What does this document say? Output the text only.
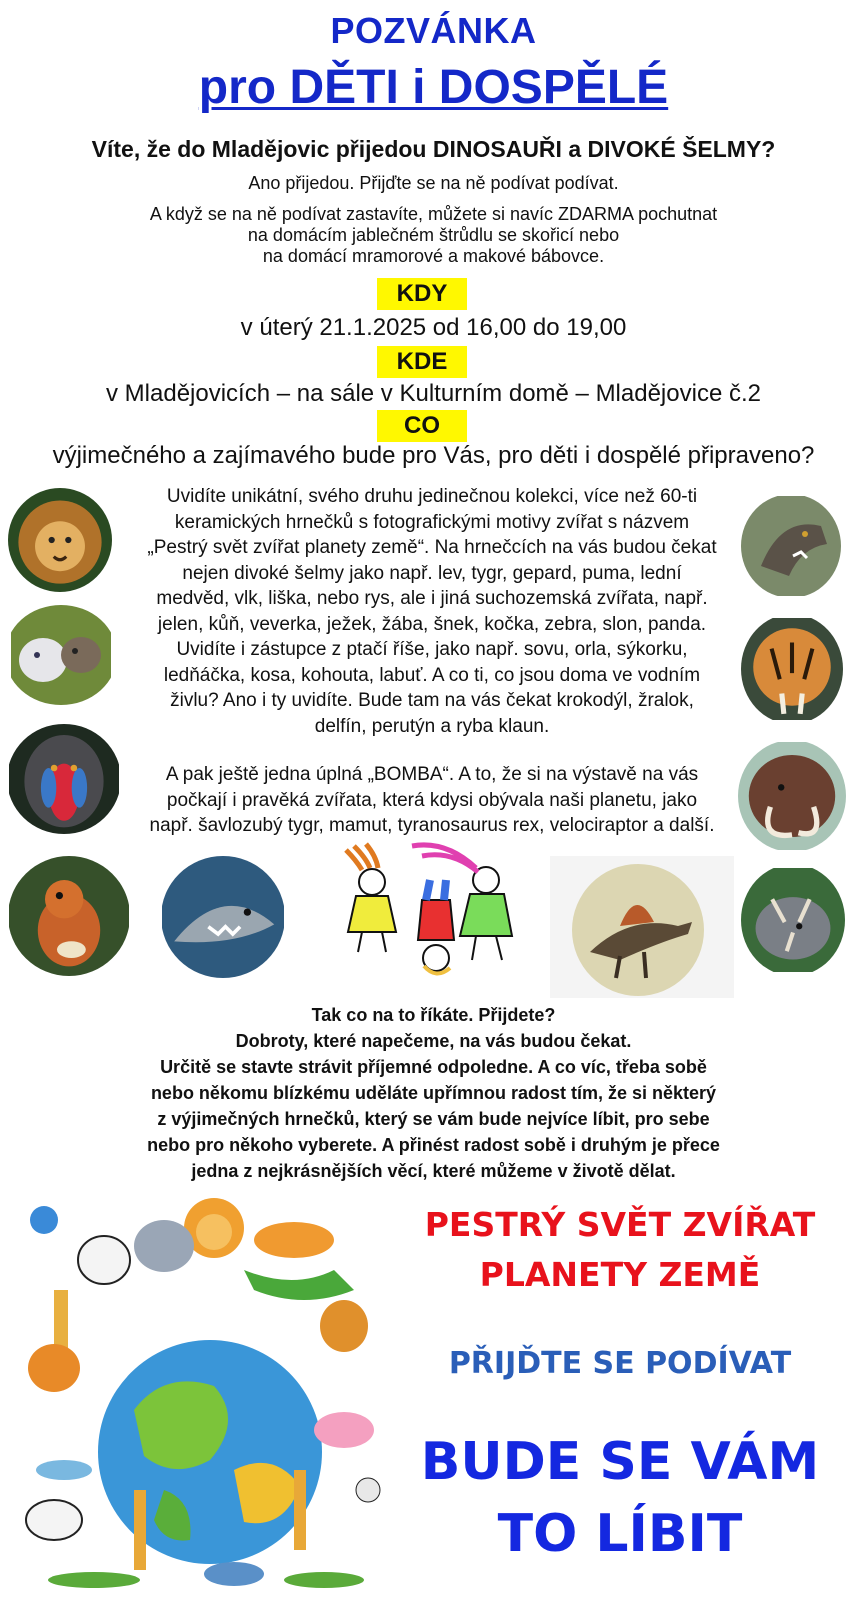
POZVÁNKA
pro DĚTI i DOSPĚLÉ
Víte, že do Mladějovic přijedou DINOSAUŘI a DIVOKÉ ŠELMY?
Ano přijedou. Přijďte se na ně podívat podívat.
A když se na ně podívat zastavíte, můžete si navíc ZDARMA pochutnat
na domácím jablečném štrůdlu se skořicí nebo
na domácí mramorové a makové bábovce.
KDY
v úterý 21.1.2025 od 16,00 do 19,00
KDE
v Mladějovicích – na sále v Kulturním domě – Mladějovice č.2
CO
výjimečného a zajímavého bude pro Vás, pro děti i dospělé připraveno?
Uvidíte unikátní, svého druhu jedinečnou kolekci, více než 60-ti
keramických hrnečků s fotografickými motivy zvířat s názvem
„Pestrý svět zvířat planety země“. Na hrnečcích na vás budou čekat
nejen divoké šelmy jako např. lev, tygr, gepard, puma, lední
medvěd, vlk, liška, nebo rys, ale i jiná suchozemská zvířata, např.
jelen, kůň, veverka, ježek, žába, šnek, kočka, zebra, slon, panda.
Uvidíte i zástupce z ptačí říše, jako např. sovu, orla, sýkorku,
ledňáčka, kosa, kohouta, labuť. A co ti, co jsou doma ve vodním
živlu? Ano i ty uvidíte. Bude tam na vás čekat krokodýl, žralok,
delfín, perutýn a ryba klaun.
A pak ještě jedna úplná „BOMBA“. A to, že si na výstavě na vás
počkají i pravěká zvířata, která kdysi obývala naši planetu, jako
např. šavlozubý tygr, mamut, tyranosaurus rex, velociraptor a další.
Tak co na to říkáte. Přijdete?
Dobroty, které napečeme, na vás budou čekat.
Určitě se stavte strávit příjemné odpoledne. A co víc, třeba sobě
nebo někomu blízkému uděláte upřímnou radost tím, že si některý
z výjimečných hrnečků, který se vám bude nejvíce líbit, pro sebe
nebo pro někoho vyberete. A přinést radost sobě i druhým je přece
jedna z nejkrásnějších věcí, které můžeme v životě dělat.
PESTRÝ SVĚT ZVÍŘAT
PLANETY ZEMĚ
PŘIJĎTE SE PODÍVAT
BUDE SE VÁM
TO LÍBIT
